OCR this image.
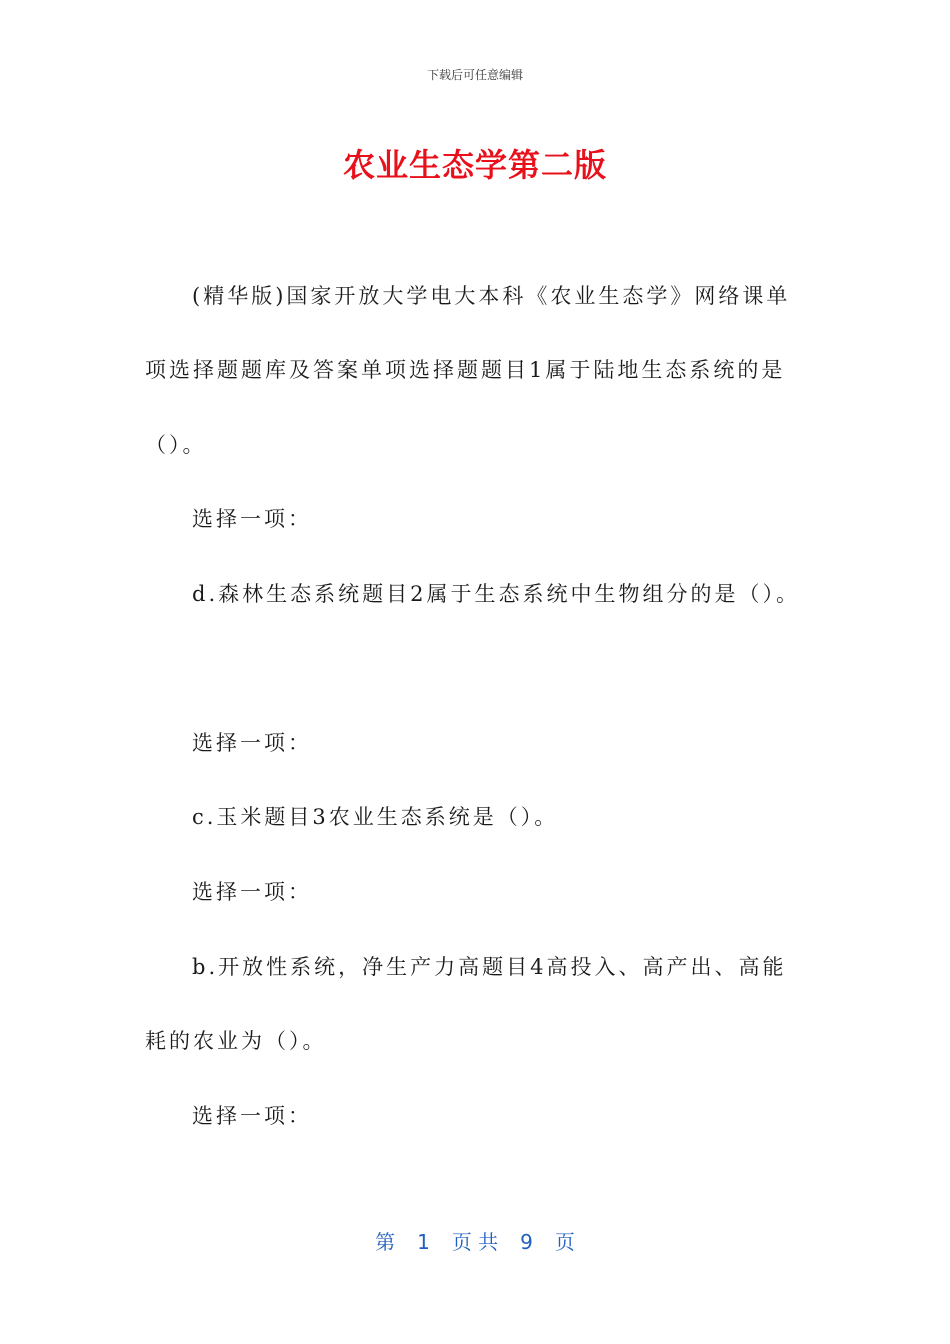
下载后可任意编辑
农业生态学第二版
(精华版)国家开放大学电大本科《农业生态学》网络课单
项选择题题库及答案单项选择题题目1属于陆地生态系统的是
（）。
选择一项：
d.森林生态系统题目2属于生态系统中生物组分的是（）。
选择一项：
c.玉米题目3农业生态系统是（）。
选择一项：
b.开放性系统，净生产力高题目4高投入、高产出、高能
耗的农业为（）。
选择一项：
第 1 页 共 9 页
